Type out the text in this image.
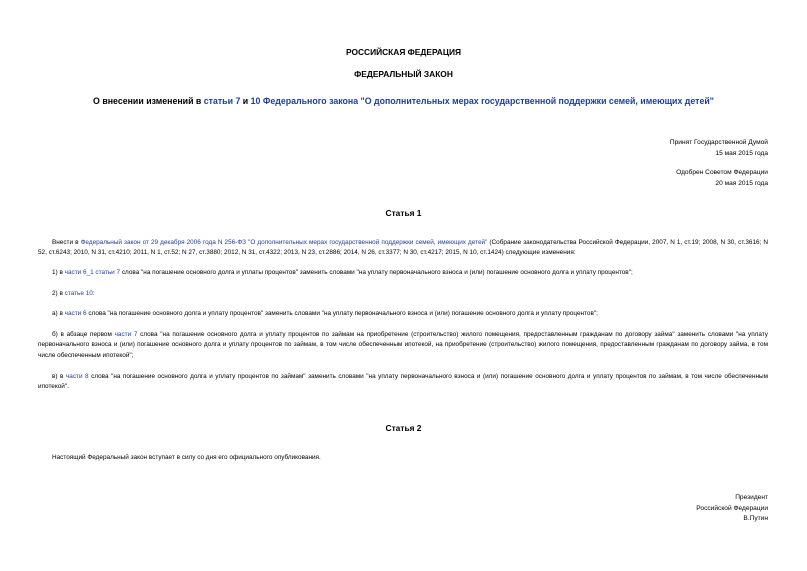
РОССИЙСКАЯ ФЕДЕРАЦИЯ
ФЕДЕРАЛЬНЫЙ ЗАКОН
О внесении изменений в статьи 7 и 10 Федерального закона "О дополнительных мерах государственной поддержки семей, имеющих детей"
Принят Государственной Думой
15 мая 2015 года
Одобрен Советом Федерации
20 мая 2015 года
Статья 1
Внести в Федеральный закон от 29 декабря 2006 года N 256-ФЗ "О дополнительных мерах государственной поддержки семей, имеющих детей" (Собрание законодательства Российской Федерации, 2007, N 1, ст.19; 2008, N 30, ст.3616; N 52, ст.6243; 2010, N 31, ст.4210; 2011, N 1, ст.52; N 27, ст.3880; 2012, N 31, ст.4322; 2013, N 23, ст.2886; 2014, N 26, ст.3377; N 30, ст.4217; 2015, N 10, ст.1424) следующие изменения:
1) в части 6_1 статьи 7 слова "на погашение основного долга и уплаты процентов" заменить словами "на уплату первоначального взноса и (или) погашение основного долга и уплату процентов";
2) в статье 10:
а) в части 6 слова "на погашение основного долга и уплату процентов" заменить словами "на уплату первоначального взноса и (или) погашение основного долга и уплату процентов";
б) в абзаце первом части 7 слова "на погашение основного долга и уплату процентов по займам на приобретение (строительство) жилого помещения, предоставленным гражданам по договору займа" заменить словами "на уплату первоначального взноса и (или) погашение основного долга и уплату процентов по займам, в том числе обеспеченным ипотекой, на приобретение (строительство) жилого помещения, предоставленным гражданам по договору займа, в том числе обеспеченным ипотекой";
в) в части 8 слова "на погашение основного долга и уплату процентов по займам" заменить словами "на уплату первоначального взноса и (или) погашение основного долга и уплату процентов по займам, в том числе обеспеченным ипотекой".
Статья 2
Настоящий Федеральный закон вступает в силу со дня его официального опубликования.
Президент
Российской Федерации
В.Путин
